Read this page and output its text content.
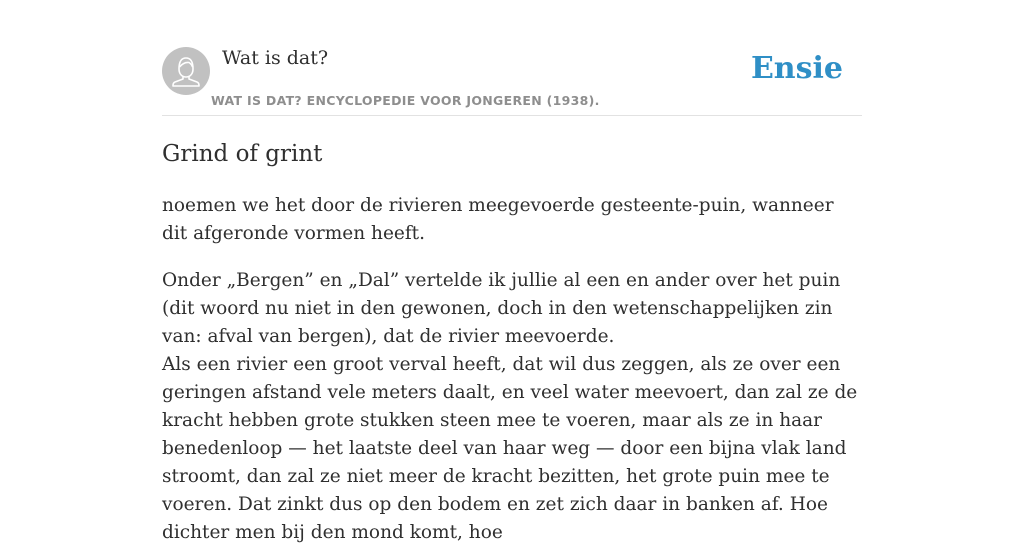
Wat is dat?
WAT IS DAT? ENCYCLOPEDIE VOOR JONGEREN (1938).
Ensie
Grind of grint

noemen we het door de rivieren meegevoerde gesteente-puin, wanneer dit afgeronde vormen heeft.

Onder „Bergen” en „Dal” vertelde ik jullie al een en ander over het puin (dit woord nu niet in den gewonen, doch in den wetenschappelijken zin van: afval van bergen), dat de rivier meevoerde.

Als een rivier een groot verval heeft, dat wil dus zeggen, als ze over een geringen afstand vele meters daalt, en veel water meevoert, dan zal ze de kracht hebben grote stukken steen mee te voeren, maar als ze in haar benedenloop — het laatste deel van haar weg — door een bijna vlak land stroomt, dan zal ze niet meer de kracht bezitten, het grote puin mee te voeren. Dat zinkt dus op den bodem en zet zich daar in banken af. Hoe dichter men bij den mond komt, hoe
